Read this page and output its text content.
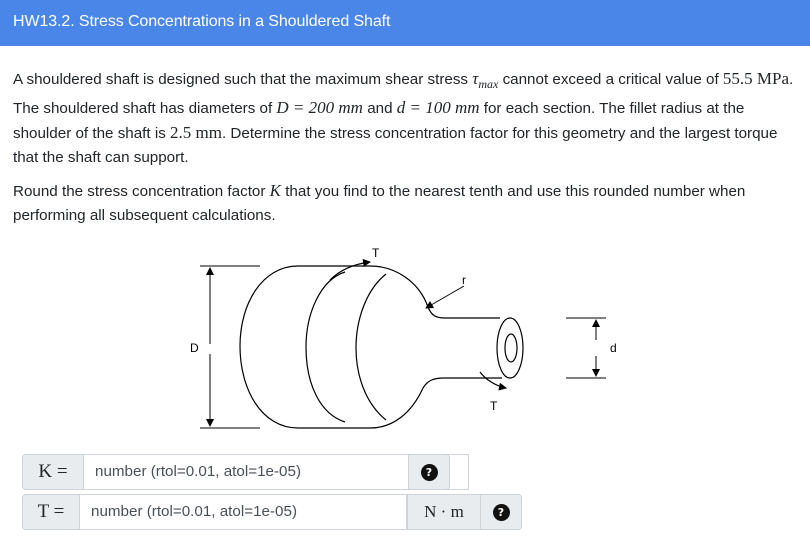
HW13.2. Stress Concentrations in a Shouldered Shaft
A shouldered shaft is designed such that the maximum shear stress $\tau_{max}$ cannot exceed a critical value of 55.5 MPa. The shouldered shaft has diameters of D = 200 mm and d = 100 mm for each section. The fillet radius at the shoulder of the shaft is 2.5 mm. Determine the stress concentration factor for this geometry and the largest torque that the shaft can support.
Round the stress concentration factor K that you find to the nearest tenth and use this rounded number when performing all subsequent calculations.
D	d
r
T
T
K =	number (rtol=0.01, atol=1e-05)	?
T =	number (rtol=0.01, atol=1e-05)	N · m	?
